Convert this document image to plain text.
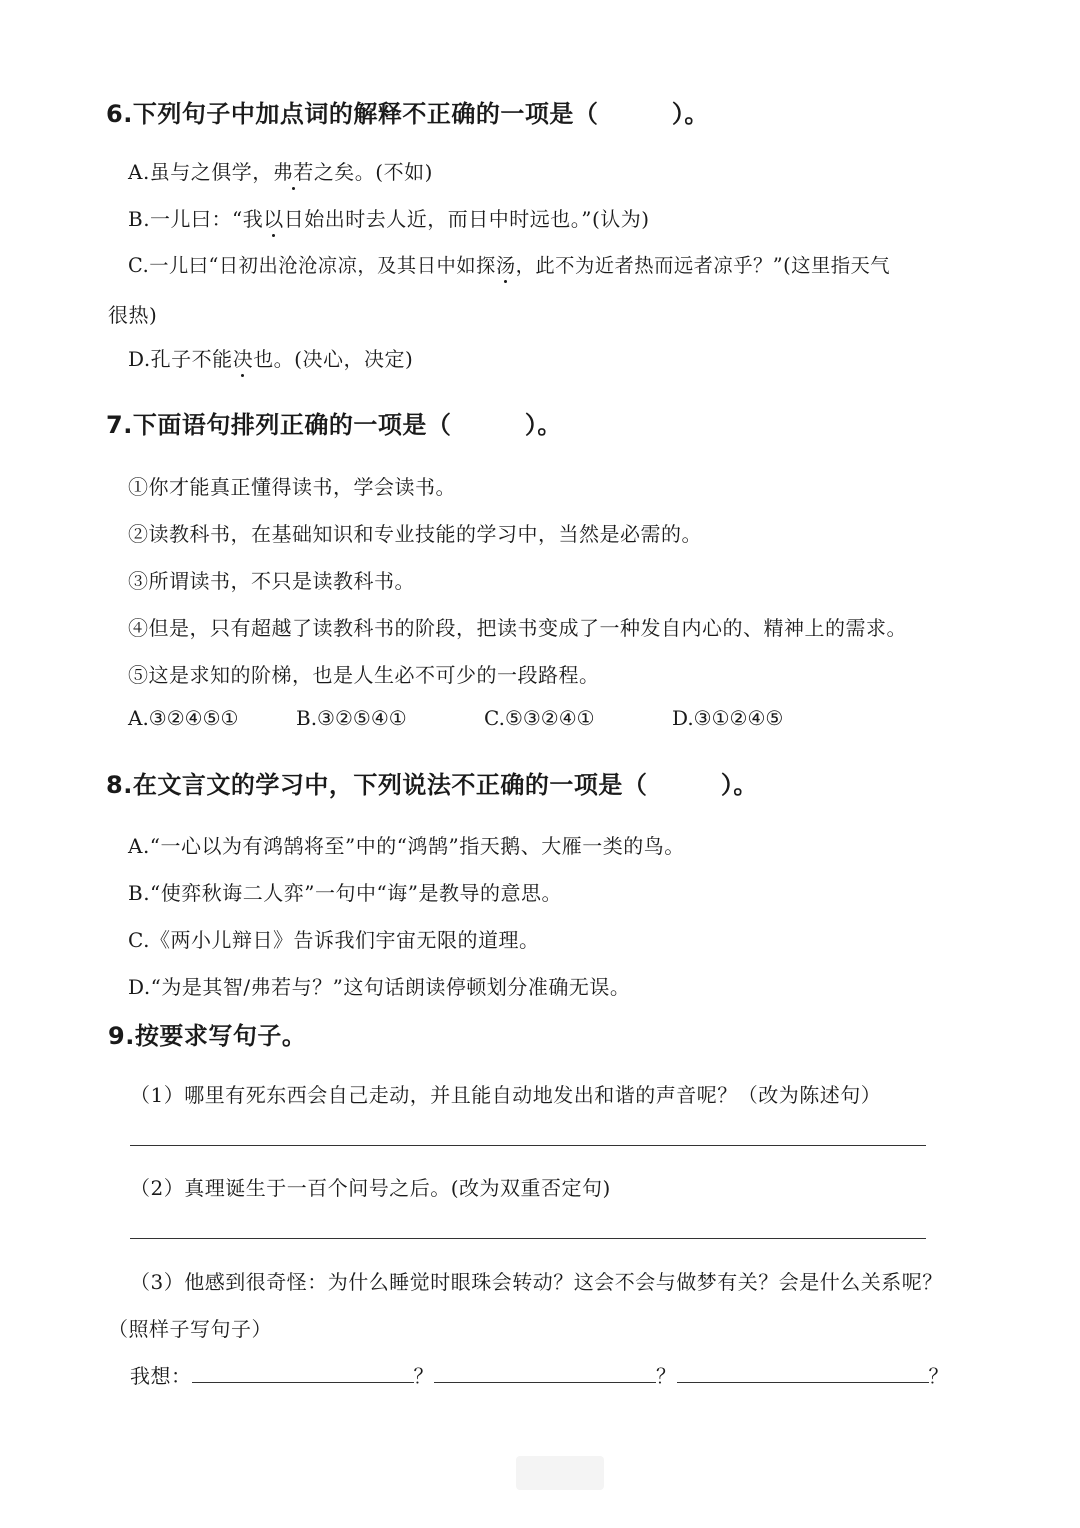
6.下列句子中加点词的解释不正确的一项是（　　　）。
A.虽与之俱学，弗若之矣。(不如)
B.一儿曰：“我以日始出时去人近，而日中时远也。”(认为)
C.一儿曰“日初出沧沧凉凉，及其日中如探汤，此不为近者热而远者凉乎？”(这里指天气
很热)
D.孔子不能决也。(决心，决定)
7.下面语句排列正确的一项是（　　　）。
①你才能真正懂得读书，学会读书。
②读教科书，在基础知识和专业技能的学习中，当然是必需的。
③所谓读书，不只是读教科书。
④但是，只有超越了读教科书的阶段，把读书变成了一种发自内心的、精神上的需求。
⑤这是求知的阶梯，也是人生必不可少的一段路程。
A.③②④⑤①	B.③②⑤④①	C.⑤③②④①	D.③①②④⑤
8.在文言文的学习中，下列说法不正确的一项是（　　　）。
A.“一心以为有鸿鹄将至”中的“鸿鹄”指天鹅、大雁一类的鸟。
B.“使弈秋诲二人弈”一句中“诲”是教导的意思。
C.《两小儿辩日》告诉我们宇宙无限的道理。
D.“为是其智/弗若与？”这句话朗读停顿划分准确无误。
9.按要求写句子。
（1）哪里有死东西会自己走动，并且能自动地发出和谐的声音呢？（改为陈述句）
（2）真理诞生于一百个问号之后。(改为双重否定句)
（3）他感到很奇怪：为什么睡觉时眼珠会转动？这会不会与做梦有关？会是什么关系呢？
（照样子写句子）
我想：	？	？	？
